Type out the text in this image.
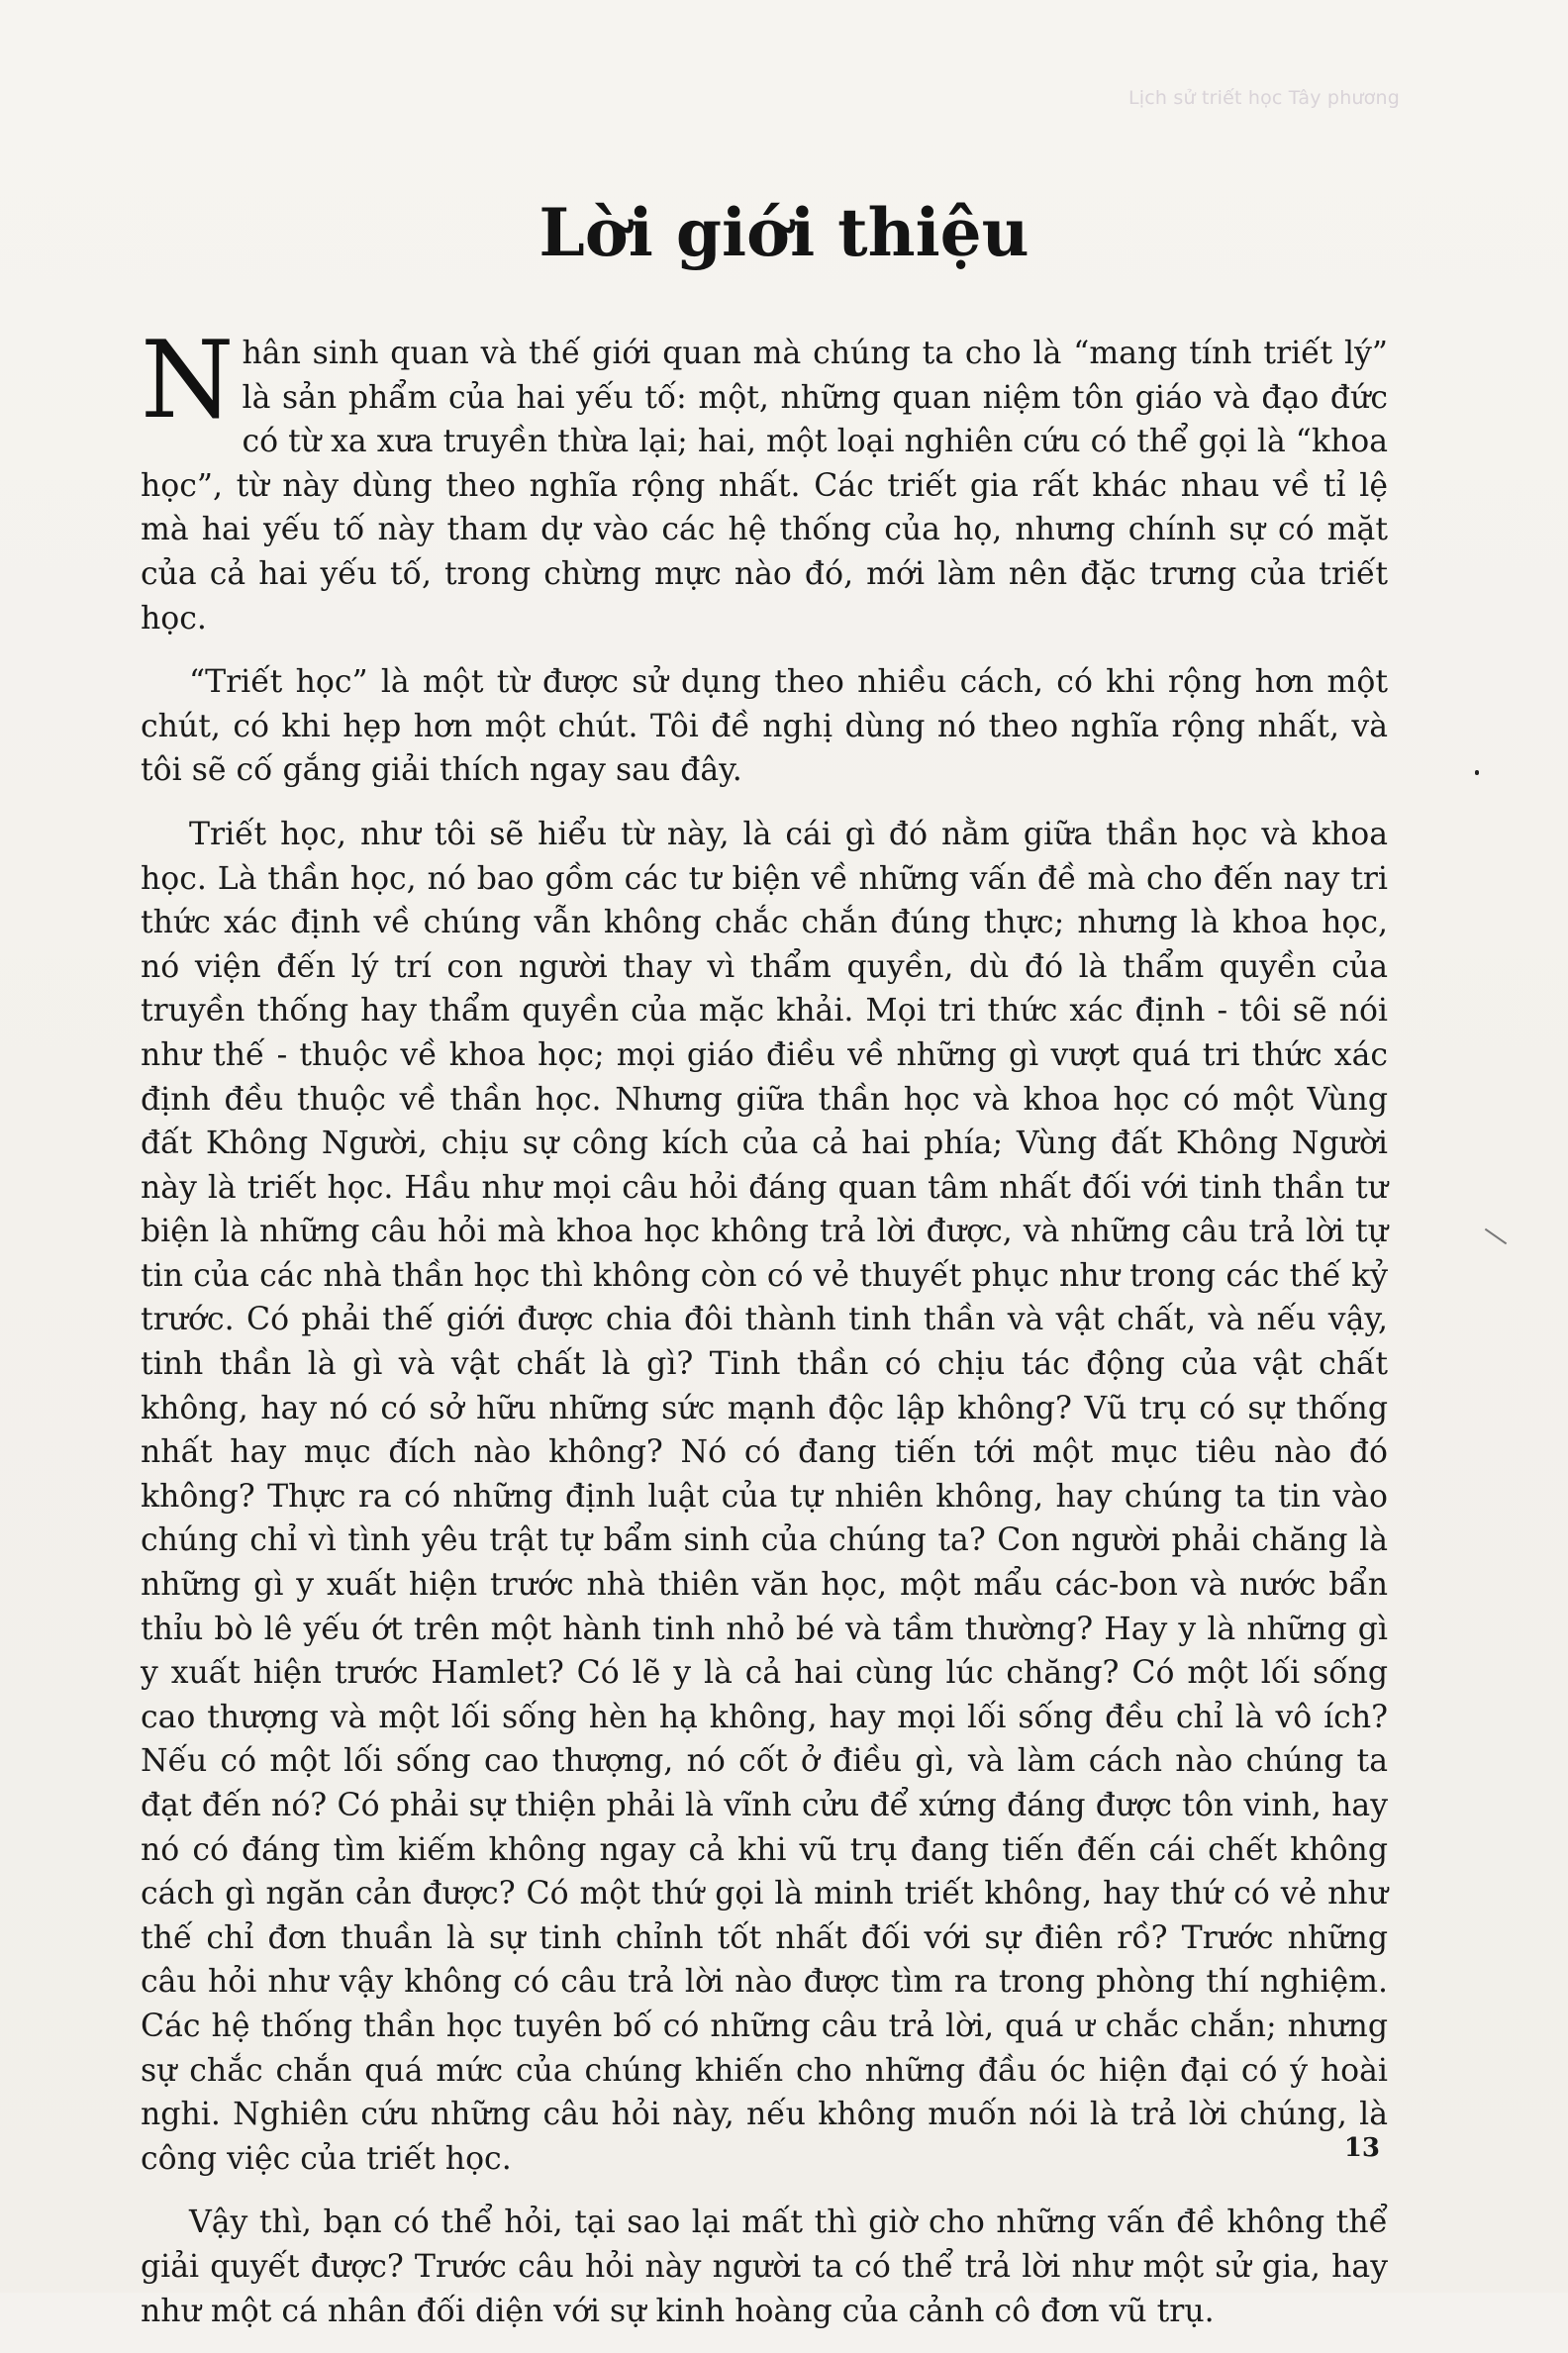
Lịch sử triết học Tây phương
Lời giới thiệu

Nhân sinh quan và thế giới quan mà chúng ta cho là “mang tính triết lý” là sản phẩm của hai yếu tố: một, những quan niệm tôn giáo và đạo đức có từ xa xưa truyền thừa lại; hai, một loại nghiên cứu có thể gọi là “khoa học”, từ này dùng theo nghĩa rộng nhất. Các triết gia rất khác nhau về tỉ lệ mà hai yếu tố này tham dự vào các hệ thống của họ, nhưng chính sự có mặt của cả hai yếu tố, trong chừng mực nào đó, mới làm nên đặc trưng của triết học.

“Triết học” là một từ được sử dụng theo nhiều cách, có khi rộng hơn một chút, có khi hẹp hơn một chút. Tôi đề nghị dùng nó theo nghĩa rộng nhất, và tôi sẽ cố gắng giải thích ngay sau đây.

Triết học, như tôi sẽ hiểu từ này, là cái gì đó nằm giữa thần học và khoa học. Là thần học, nó bao gồm các tư biện về những vấn đề mà cho đến nay tri thức xác định về chúng vẫn không chắc chắn đúng thực; nhưng là khoa học, nó viện đến lý trí con người thay vì thẩm quyền, dù đó là thẩm quyền của truyền thống hay thẩm quyền của mặc khải. Mọi tri thức xác định - tôi sẽ nói như thế - thuộc về khoa học; mọi giáo điều về những gì vượt quá tri thức xác định đều thuộc về thần học. Nhưng giữa thần học và khoa học có một Vùng đất Không Người, chịu sự công kích của cả hai phía; Vùng đất Không Người này là triết học. Hầu như mọi câu hỏi đáng quan tâm nhất đối với tinh thần tư biện là những câu hỏi mà khoa học không trả lời được, và những câu trả lời tự tin của các nhà thần học thì không còn có vẻ thuyết phục như trong các thế kỷ trước. Có phải thế giới được chia đôi thành tinh thần và vật chất, và nếu vậy, tinh thần là gì và vật chất là gì? Tinh thần có chịu tác động của vật chất không, hay nó có sở hữu những sức mạnh độc lập không? Vũ trụ có sự thống nhất hay mục đích nào không? Nó có đang tiến tới một mục tiêu nào đó không? Thực ra có những định luật của tự nhiên không, hay chúng ta tin vào chúng chỉ vì tình yêu trật tự bẩm sinh của chúng ta? Con người phải chăng là những gì y xuất hiện trước nhà thiên văn học, một mẩu các-bon và nước bẩn thỉu bò lê yếu ớt trên một hành tinh nhỏ bé và tầm thường? Hay y là những gì y xuất hiện trước Hamlet? Có lẽ y là cả hai cùng lúc chăng? Có một lối sống cao thượng và một lối sống hèn hạ không, hay mọi lối sống đều chỉ là vô ích? Nếu có một lối sống cao thượng, nó cốt ở điều gì, và làm cách nào chúng ta đạt đến nó? Có phải sự thiện phải là vĩnh cửu để xứng đáng được tôn vinh, hay nó có đáng tìm kiếm không ngay cả khi vũ trụ đang tiến đến cái chết không cách gì ngăn cản được? Có một thứ gọi là minh triết không, hay thứ có vẻ như thế chỉ đơn thuần là sự tinh chỉnh tốt nhất đối với sự điên rồ? Trước những câu hỏi như vậy không có câu trả lời nào được tìm ra trong phòng thí nghiệm. Các hệ thống thần học tuyên bố có những câu trả lời, quá ư chắc chắn; nhưng sự chắc chắn quá mức của chúng khiến cho những đầu óc hiện đại có ý hoài nghi. Nghiên cứu những câu hỏi này, nếu không muốn nói là trả lời chúng, là công việc của triết học.

Vậy thì, bạn có thể hỏi, tại sao lại mất thì giờ cho những vấn đề không thể giải quyết được? Trước câu hỏi này người ta có thể trả lời như một sử gia, hay như một cá nhân đối diện với sự kinh hoàng của cảnh cô đơn vũ trụ.

13
